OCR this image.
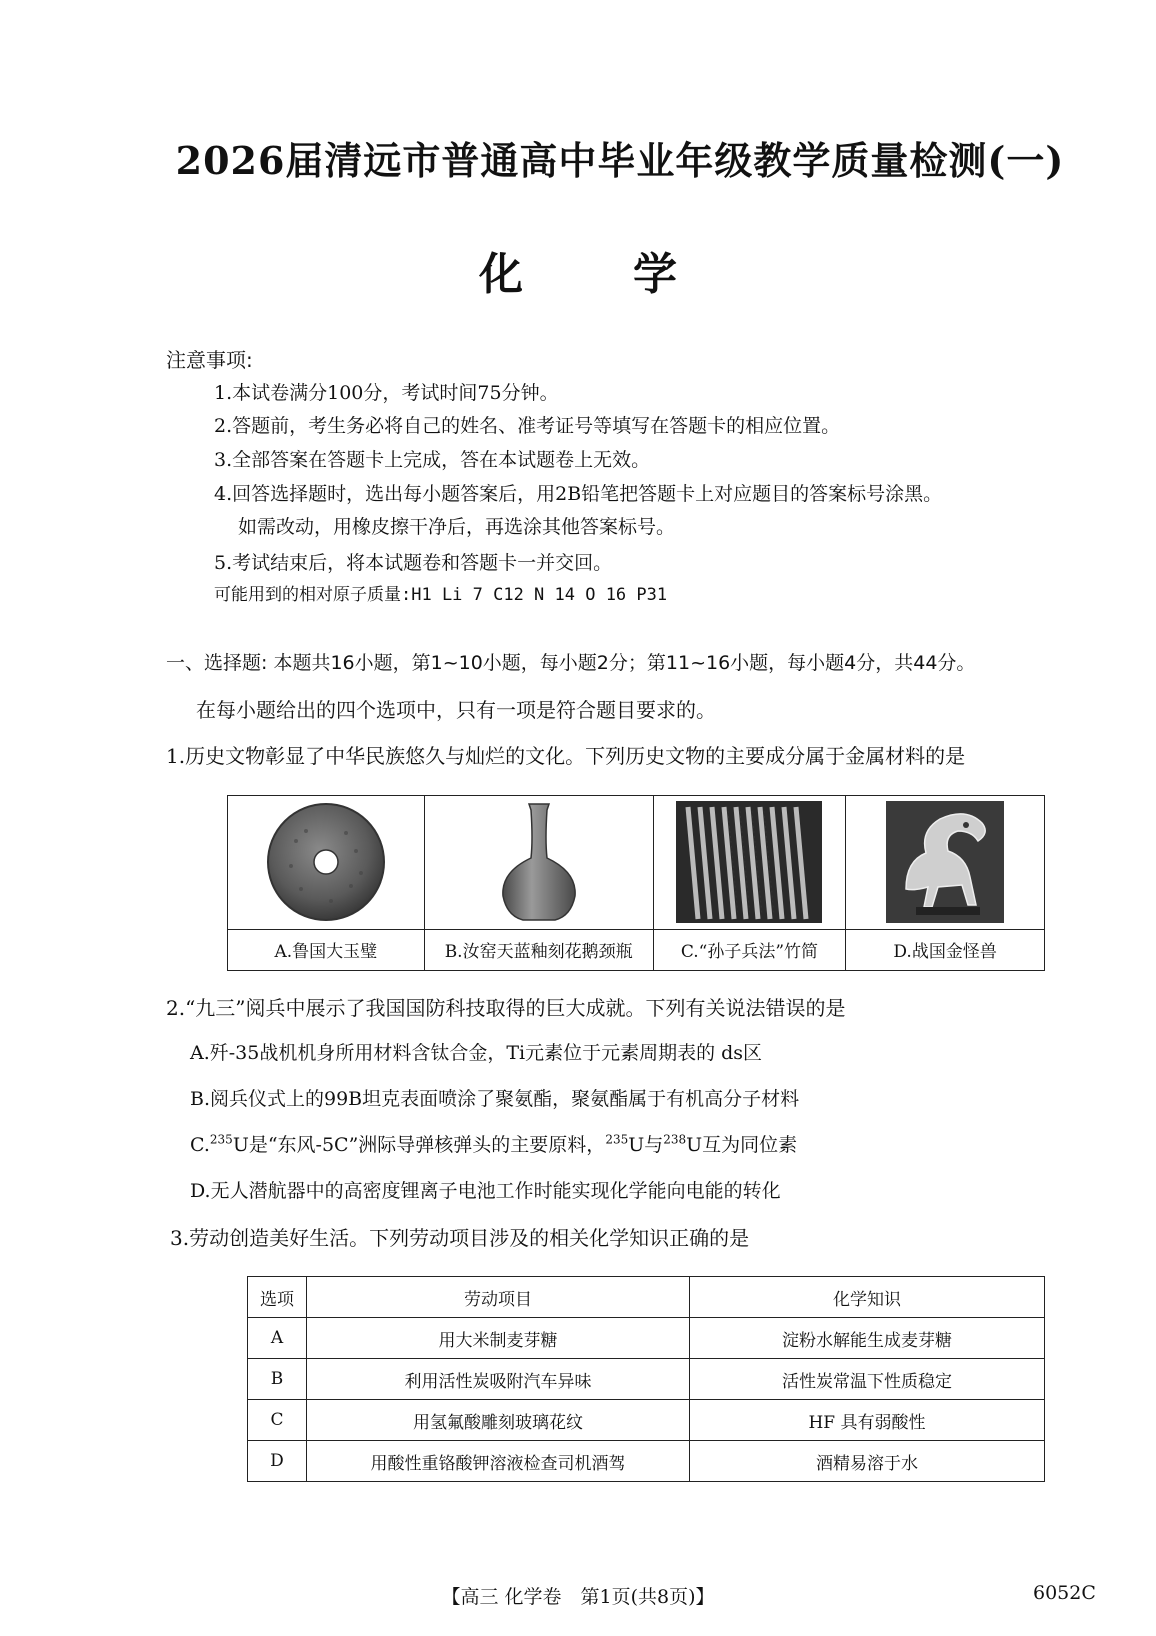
2026届清远市普通高中毕业年级教学质量检测(一)
化学
注意事项:
1.本试卷满分100分，考试时间75分钟。
2.答题前，考生务必将自己的姓名、准考证号等填写在答题卡的相应位置。
3.全部答案在答题卡上完成，答在本试题卷上无效。
4.回答选择题时，选出每小题答案后，用2B铅笔把答题卡上对应题目的答案标号涂黑。
如需改动，用橡皮擦干净后，再选涂其他答案标号。
5.考试结束后，将本试题卷和答题卡一并交回。
可能用到的相对原子质量:H1 Li 7 C12 N 14 O 16 P31
一、选择题: 本题共16小题，第1~10小题，每小题2分；第11~16小题，每小题4分，共44分。
在每小题给出的四个选项中，只有一项是符合题目要求的。
1.历史文物彰显了中华民族悠久与灿烂的文化。下列历史文物的主要成分属于金属材料的是

A.鲁国大玉璧	B.汝窑天蓝釉刻花鹅颈瓶	C.“孙子兵法”竹简	D.战国金怪兽
2.“九三”阅兵中展示了我国国防科技取得的巨大成就。下列有关说法错误的是
A.歼-35战机机身所用材料含钛合金，Ti元素位于元素周期表的 ds区
B.阅兵仪式上的99B坦克表面喷涂了聚氨酯，聚氨酯属于有机高分子材料
C.$^{235}$U是“东风-5C”洲际导弹核弹头的主要原料，$^{235}$U与$^{238}$U互为同位素
D.无人潜航器中的高密度锂离子电池工作时能实现化学能向电能的转化
3.劳动创造美好生活。下列劳动项目涉及的相关化学知识正确的是
选项	劳动项目	化学知识
A	用大米制麦芽糖	淀粉水解能生成麦芽糖
B	利用活性炭吸附汽车异味	活性炭常温下性质稳定
C	用氢氟酸雕刻玻璃花纹	HF 具有弱酸性
D	用酸性重铬酸钾溶液检查司机酒驾	酒精易溶于水
【高三 化学卷　第1页(共8页)】	6052C
